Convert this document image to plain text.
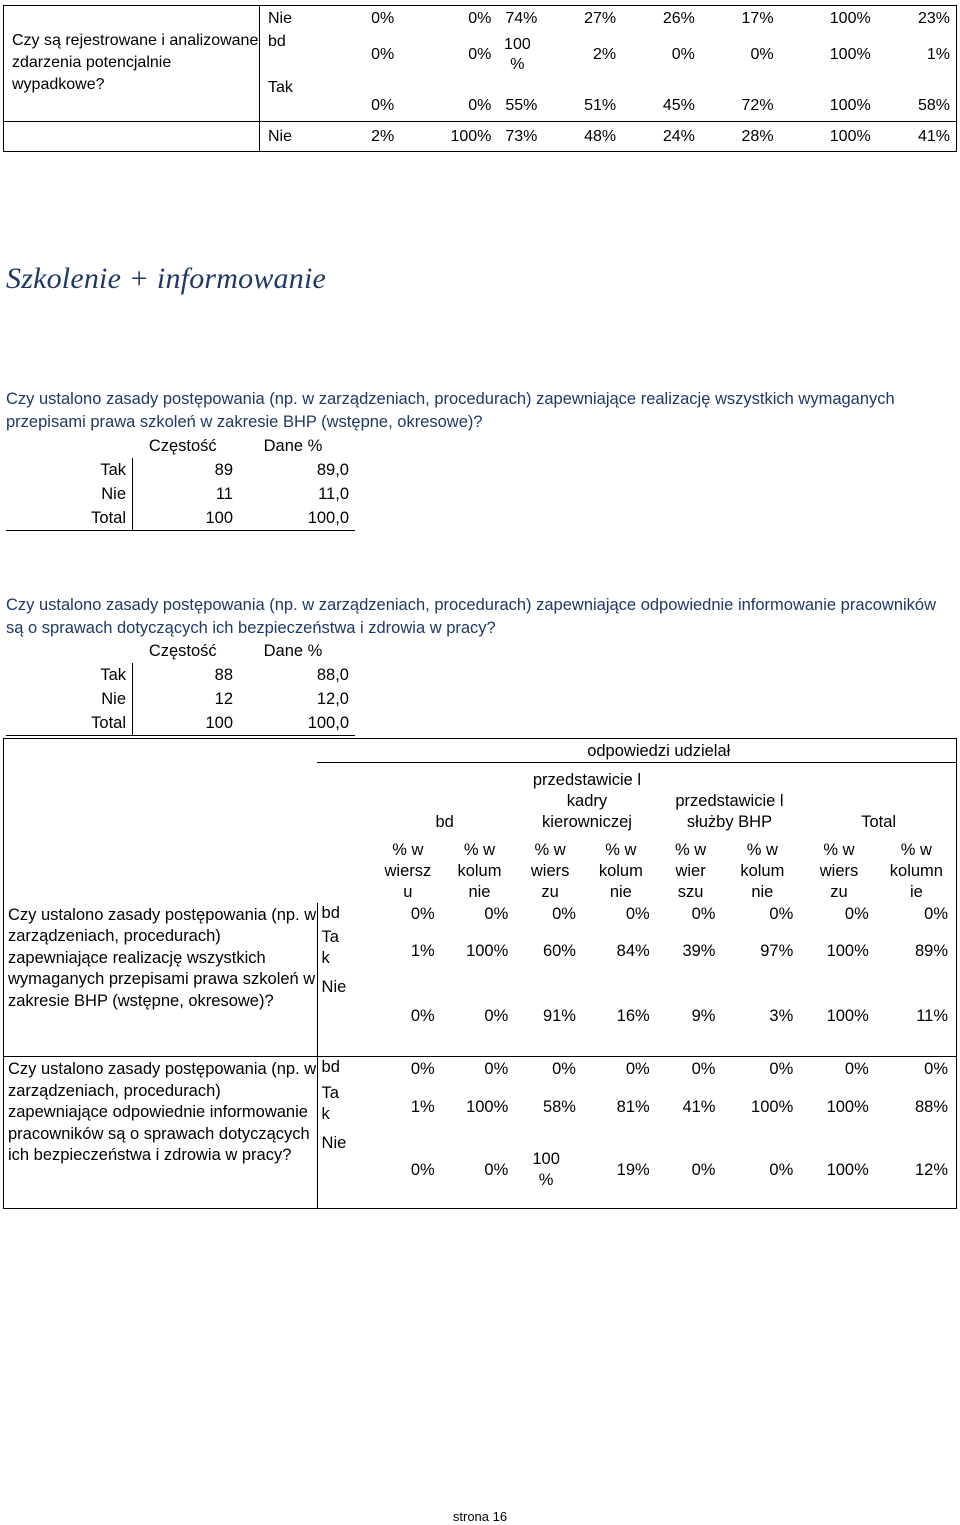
Czy są rejestrowane i analizowane zdarzenia potencjalnie wypadkowe?	Nie	0%	0%	74%	27%	26%	17%	100%	23%
	bd	0%	0%	100 %	2%	0%	0%	100%	1%
	Tak	0%	0%	55%	51%	45%	72%	100%	58%
	Nie	2%	100%	73%	48%	24%	28%	100%	41%
Szkolenie + informowanie
Czy ustalono zasady postępowania (np. w zarządzeniach, procedurach) zapewniające realizację wszystkich wymaganych przepisami prawa szkoleń w zakresie BHP (wstępne, okresowe)?
	Częstość	Dane %
Tak	89	89,0
Nie	11	11,0
Total	100	100,0
Czy ustalono zasady postępowania (np. w zarządzeniach, procedurach) zapewniające odpowiednie informowanie pracowników są o sprawach dotyczących ich bezpieczeństwa i zdrowia w pracy?
	Częstość	Dane %
Tak	88	88,0
Nie	12	12,0
Total	100	100,0
				odpowiedzi udzielał					
		bd		przedstawicie l kadry kierowniczej		przedstawicie l służby BHP		Total	

		% w wiersz u	% w kolum nie	% w wiers zu	% w kolum nie	% w wier szu	% w kolum nie	% w wiers zu	% w kolumn ie

Czy ustalono zasady postępowania (np. w zarządzeniach, procedurach) zapewniające realizację wszystkich wymaganych przepisami prawa szkoleń w zakresie BHP (wstępne, okresowe)?	bd	0%	0%	0%	0%	0%	0%	0%	0%

	Ta k	1%	100%	60%	84%	39%	97%	100%	89%
	Nie	0%	0%	91%	16%	9%	3%	100%	11%
Czy ustalono zasady postępowania (np. w zarządzeniach, procedurach) zapewniające odpowiednie informowanie pracowników są o sprawach dotyczących ich bezpieczeństwa i zdrowia w pracy?	bd	0%	0%	0%	0%	0%	0%	0%	0%

	Ta k	1%	100%	58%	81%	41%	100%	100%	88%
	Nie	0%	0%	100 %	19%	0%	0%	100%	12%
strona 16
